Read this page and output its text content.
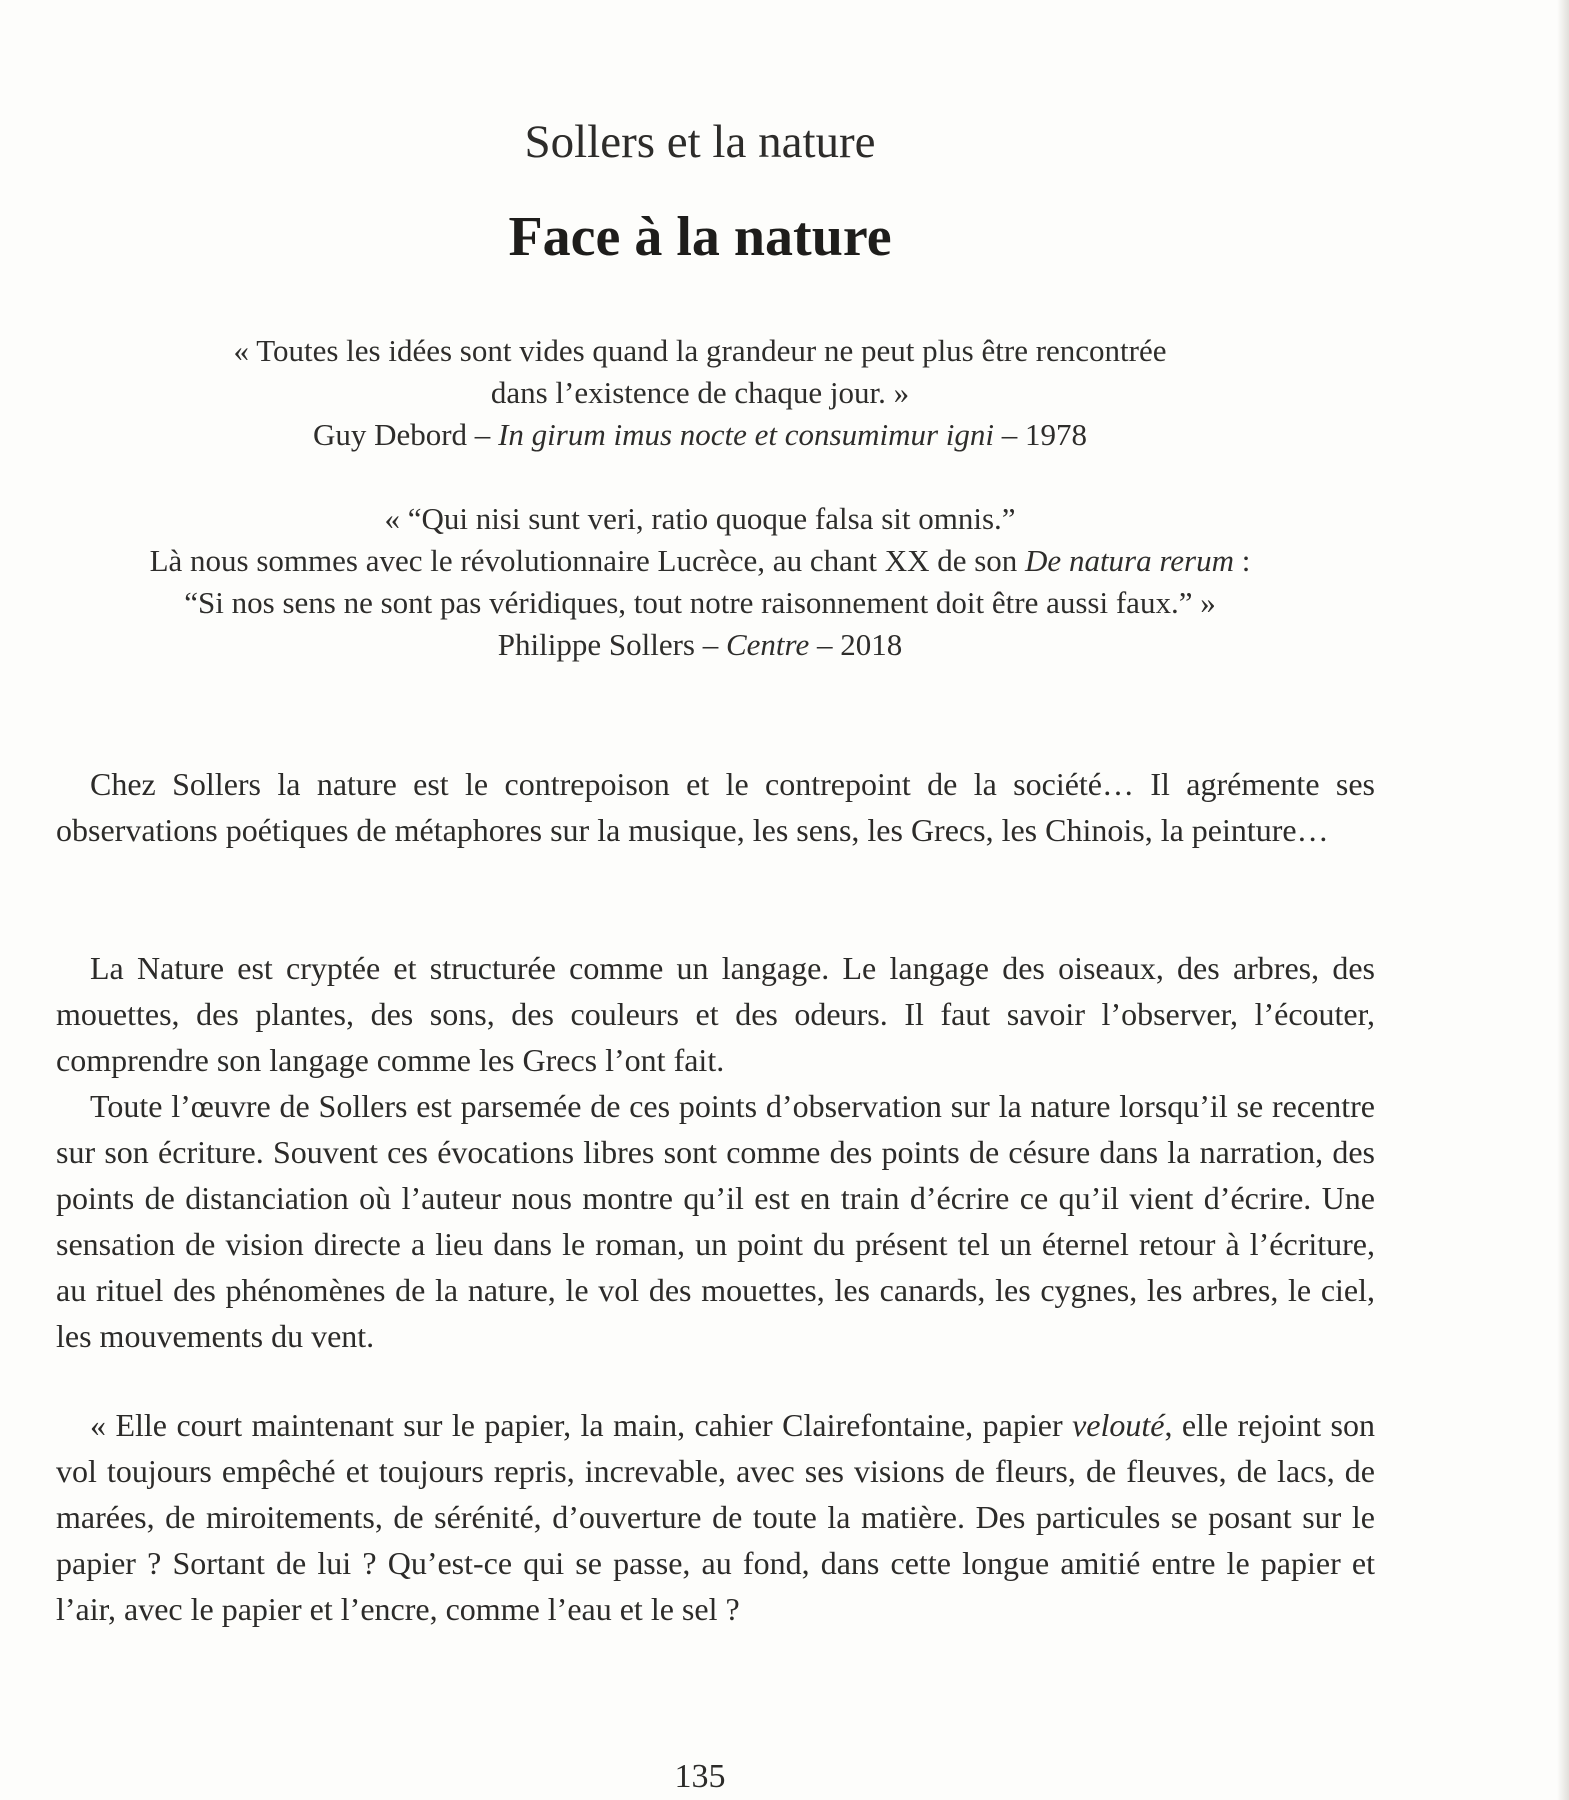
Sollers et la nature
Face à la nature
« Toutes les idées sont vides quand la grandeur ne peut plus être rencontrée
dans l’existence de chaque jour. »
Guy Debord – In girum imus nocte et consumimur igni – 1978
« “Qui nisi sunt veri, ratio quoque falsa sit omnis.”
Là nous sommes avec le révolutionnaire Lucrèce, au chant XX de son De natura rerum :
“Si nos sens ne sont pas véridiques, tout notre raisonnement doit être aussi faux.” »
Philippe Sollers – Centre – 2018

Chez Sollers la nature est le contrepoison et le contrepoint de la société… Il agrémente ses observations poétiques de métaphores sur la musique, les sens, les Grecs, les Chinois, la peinture…

La Nature est cryptée et structurée comme un langage. Le langage des oiseaux, des arbres, des mouettes, des plantes, des sons, des couleurs et des odeurs. Il faut savoir l’observer, l’écouter, comprendre son langage comme les Grecs l’ont fait.

Toute l’œuvre de Sollers est parsemée de ces points d’observation sur la nature lorsqu’il se recentre sur son écriture. Souvent ces évocations libres sont comme des points de césure dans la narration, des points de distanciation où l’auteur nous montre qu’il est en train d’écrire ce qu’il vient d’écrire. Une sensation de vision directe a lieu dans le roman, un point du présent tel un éternel retour à l’écriture, au rituel des phénomènes de la nature, le vol des mouettes, les canards, les cygnes, les arbres, le ciel, les mouvements du vent.

« Elle court maintenant sur le papier, la main, cahier Clairefontaine, papier velouté, elle rejoint son vol toujours empêché et toujours repris, increvable, avec ses visions de fleurs, de fleuves, de lacs, de marées, de miroitements, de sérénité, d’ouverture de toute la matière. Des particules se posant sur le papier ? Sortant de lui ? Qu’est-ce qui se passe, au fond, dans cette longue amitié entre le papier et l’air, avec le papier et l’encre, comme l’eau et le sel ?

135
